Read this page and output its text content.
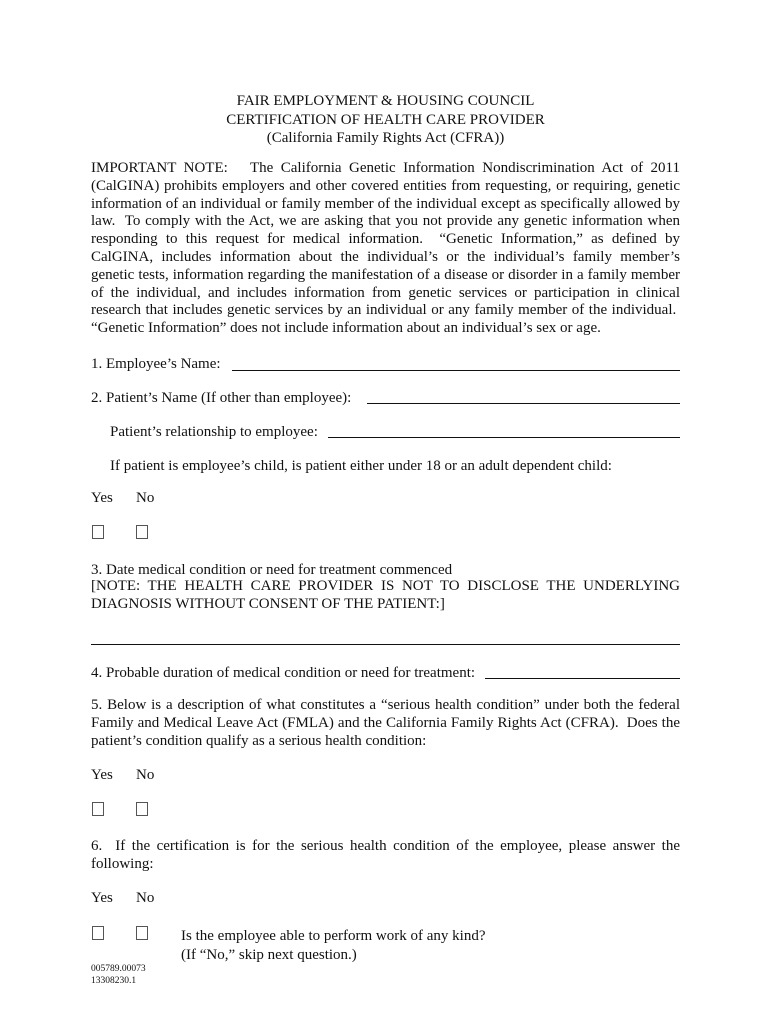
FAIR EMPLOYMENT & HOUSING COUNCIL
CERTIFICATION OF HEALTH CARE PROVIDER
(California Family Rights Act (CFRA))
IMPORTANT NOTE:   The California Genetic Information Nondiscrimination Act of 2011 (CalGINA) prohibits employers and other covered entities from requesting, or requiring, genetic information of an individual or family member of the individual except as specifically allowed by law.  To comply with the Act, we are asking that you not provide any genetic information when responding to this request for medical information.  “Genetic Information,” as defined by CalGINA, includes information about the individual’s or the individual’s family member’s genetic tests, information regarding the manifestation of a disease or disorder in a family member of the individual, and includes information from genetic services or participation in clinical research that includes genetic services by an individual or any family member of the individual.  “Genetic Information” does not include information about an individual’s sex or age.
1. Employee’s Name:
2. Patient’s Name (If other than employee):
Patient’s relationship to employee:
If patient is employee’s child, is patient either under 18 or an adult dependent child:
Yes No
3. Date medical condition or need for treatment commenced
[NOTE: THE HEALTH CARE PROVIDER IS NOT TO DISCLOSE THE UNDERLYING DIAGNOSIS WITHOUT CONSENT OF THE PATIENT:]
4. Probable duration of medical condition or need for treatment:
5. Below is a description of what constitutes a “serious health condition” under both the federal Family and Medical Leave Act (FMLA) and the California Family Rights Act (CFRA).  Does the patient’s condition qualify as a serious health condition:
Yes No
6.  If the certification is for the serious health condition of the employee, please answer the following:
Yes No
Is the employee able to perform work of any kind?
(If “No,” skip next question.)
005789.00073
13308230.1
